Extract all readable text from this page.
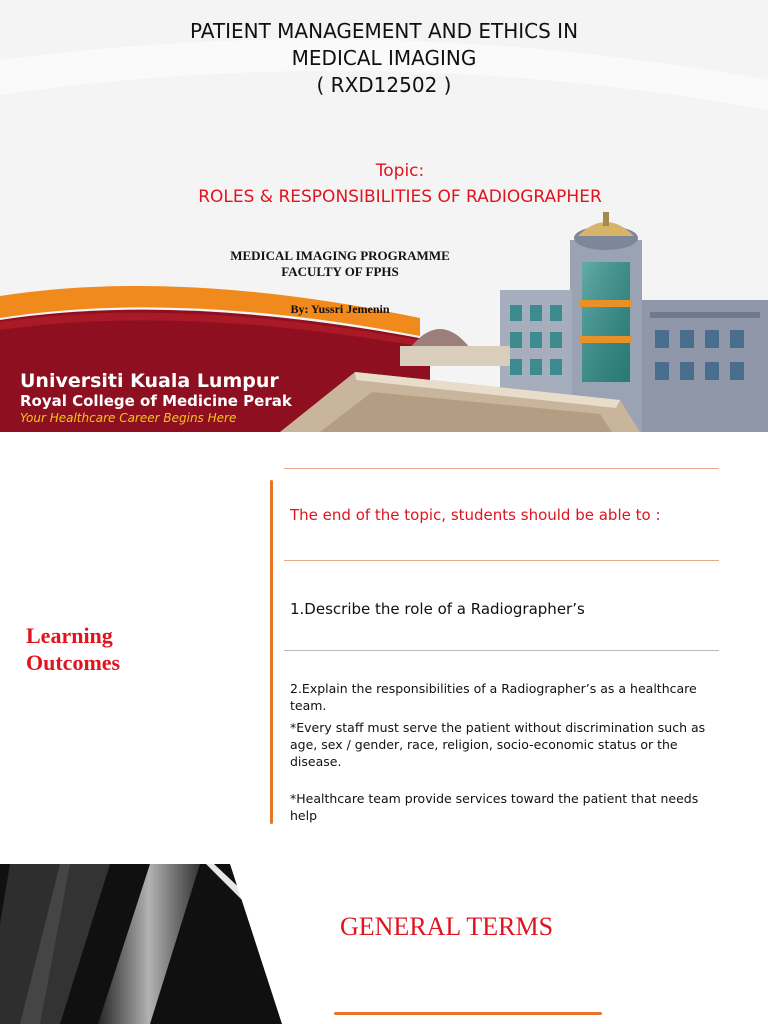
PATIENT MANAGEMENT AND ETHICS IN
MEDICAL IMAGING
( RXD12502 )
Topic:
ROLES & RESPONSIBILITIES OF RADIOGRAPHER
MEDICAL IMAGING PROGRAMME
FACULTY OF FPHS
By: Yussri Jemenin
Universiti Kuala Lumpur
Royal College of Medicine Perak
Your Healthcare Career Begins Here
Learning
Outcomes
The end of the topic, students should be able to :
1.Describe the role of a Radiographer’s

2.Explain the responsibilities of a Radiographer’s as a healthcare team.

*Every staff must serve the patient without discrimination such as age, sex / gender, race, religion, socio-economic status or the disease.

*Healthcare team provide services toward the patient that needs help

GENERAL TERMS
